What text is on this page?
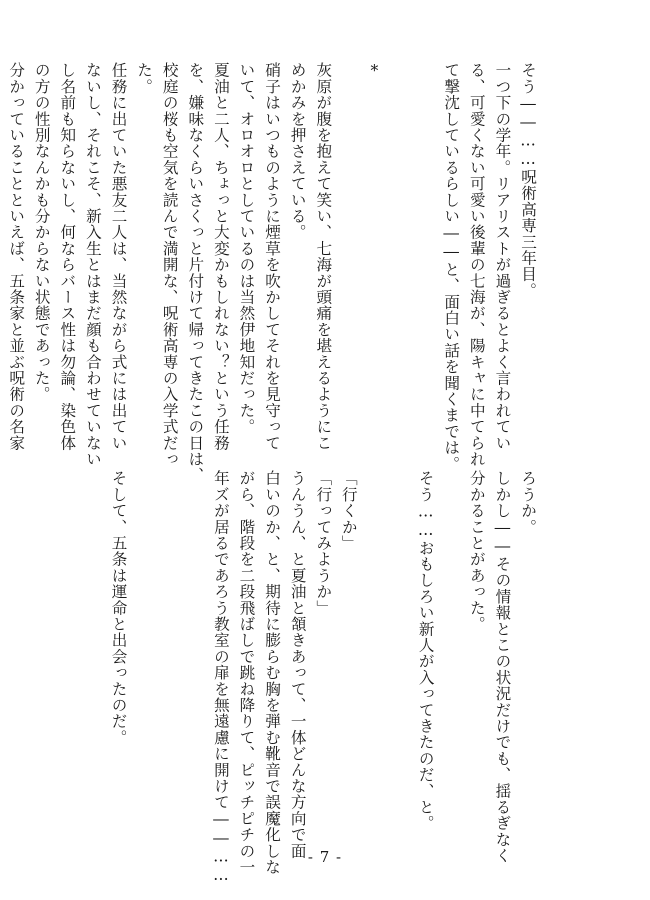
そう――……呪術高専三年目。

一つ下の学年。リアリストが過ぎるとよく言われてい

る、可愛くない可愛い後輩の七海が、陽キャに中てられ

て撃沈しているらしい――と、面白い話を聞くまでは。

*

灰原が腹を抱えて笑い、七海が頭痛を堪えるようにこ

めかみを押さえている。

硝子はいつものように煙草を吹かしてそれを見守って

いて、オロオロとしているのは当然伊地知だった。

夏油と二人、ちょっと大変かもしれない？という任務

を、嫌味なくらいさくっと片付けて帰ってきたこの日は、

校庭の桜も空気を読んで満開な、呪術高専の入学式だっ

た。

任務に出ていた悪友二人は、当然ながら式には出てい

ないし、それこそ、新入生とはまだ顔も合わせていない

し名前も知らないし、何ならバース性は勿論、染色体

の方の性別なんかも分からない状態であった。

分かっていることといえば、五条家と並ぶ呪術の名家

ろうか。

しかし――その情報とこの状況だけでも、揺るぎなく

分かることがあった。

そう……おもしろい新人が入ってきたのだ、と。

「行くか」

「行ってみようか」

うんうん、と夏油と頷きあって、一体どんな方向で面

白いのか、と、期待に膨らむ胸を弾む靴音で誤魔化しな

がら、階段を二段飛ばしで跳ね降りて、ピッチピチの一

年ズが居るであろう教室の扉を無遠慮に開けて――……

そして、五条は運命と出会ったのだ。

- 7 -
